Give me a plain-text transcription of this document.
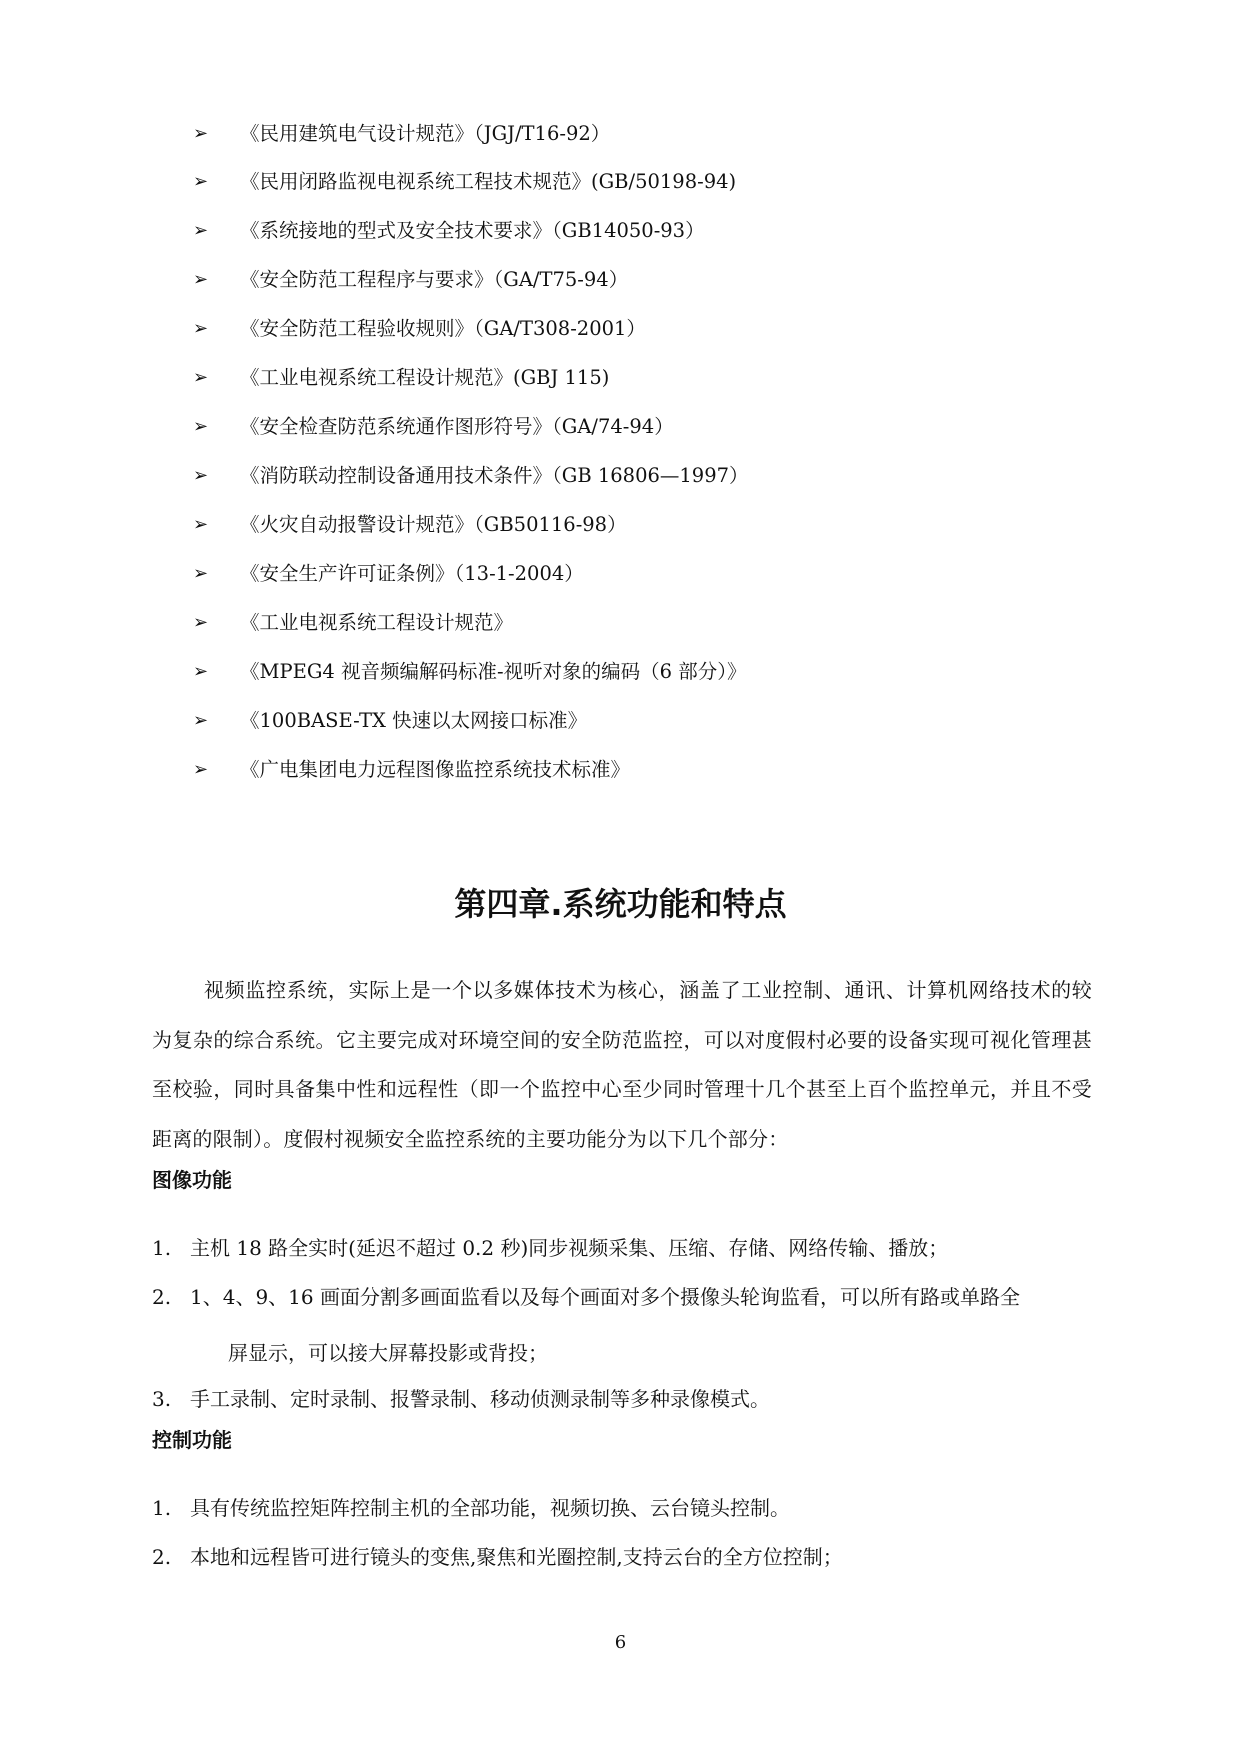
➢ 《民用建筑电气设计规范》（JGJ/T16-92）
➢ 《民用闭路监视电视系统工程技术规范》(GB/50198-94)
➢ 《系统接地的型式及安全技术要求》（GB14050-93）
➢ 《安全防范工程程序与要求》（GA/T75-94）
➢ 《安全防范工程验收规则》（GA/T308-2001）
➢ 《工业电视系统工程设计规范》(GBJ 115)
➢ 《安全检查防范系统通作图形符号》（GA/74-94）
➢ 《消防联动控制设备通用技术条件》（GB 16806—1997）
➢ 《火灾自动报警设计规范》（GB50116-98）
➢ 《安全生产许可证条例》（13-1-2004）
➢ 《工业电视系统工程设计规范》
➢ 《MPEG4 视音频编解码标准-视听对象的编码（6 部分）》
➢ 《100BASE-TX 快速以太网接口标准》
➢ 《广电集团电力远程图像监控系统技术标准》
第四章.系统功能和特点

视频监控系统，实际上是一个以多媒体技术为核心，涵盖了工业控制、通讯、计算机网络技术的较为复杂的综合系统。它主要完成对环境空间的安全防范监控，可以对度假村必要的设备实现可视化管理甚至校验，同时具备集中性和远程性（即一个监控中心至少同时管理十几个甚至上百个监控单元，并且不受距离的限制）。度假村视频安全监控系统的主要功能分为以下几个部分：

图像功能
1. 主机 18 路全实时(延迟不超过 0.2 秒)同步视频采集、压缩、存储、网络传输、播放；
2. 1、4、9、16 画面分割多画面监看以及每个画面对多个摄像头轮询监看，可以所有路或单路全
屏显示，可以接大屏幕投影或背投；
3. 手工录制、定时录制、报警录制、移动侦测录制等多种录像模式。
控制功能
1. 具有传统监控矩阵控制主机的全部功能，视频切换、云台镜头控制。
2. 本地和远程皆可进行镜头的变焦,聚焦和光圈控制,支持云台的全方位控制；
6
